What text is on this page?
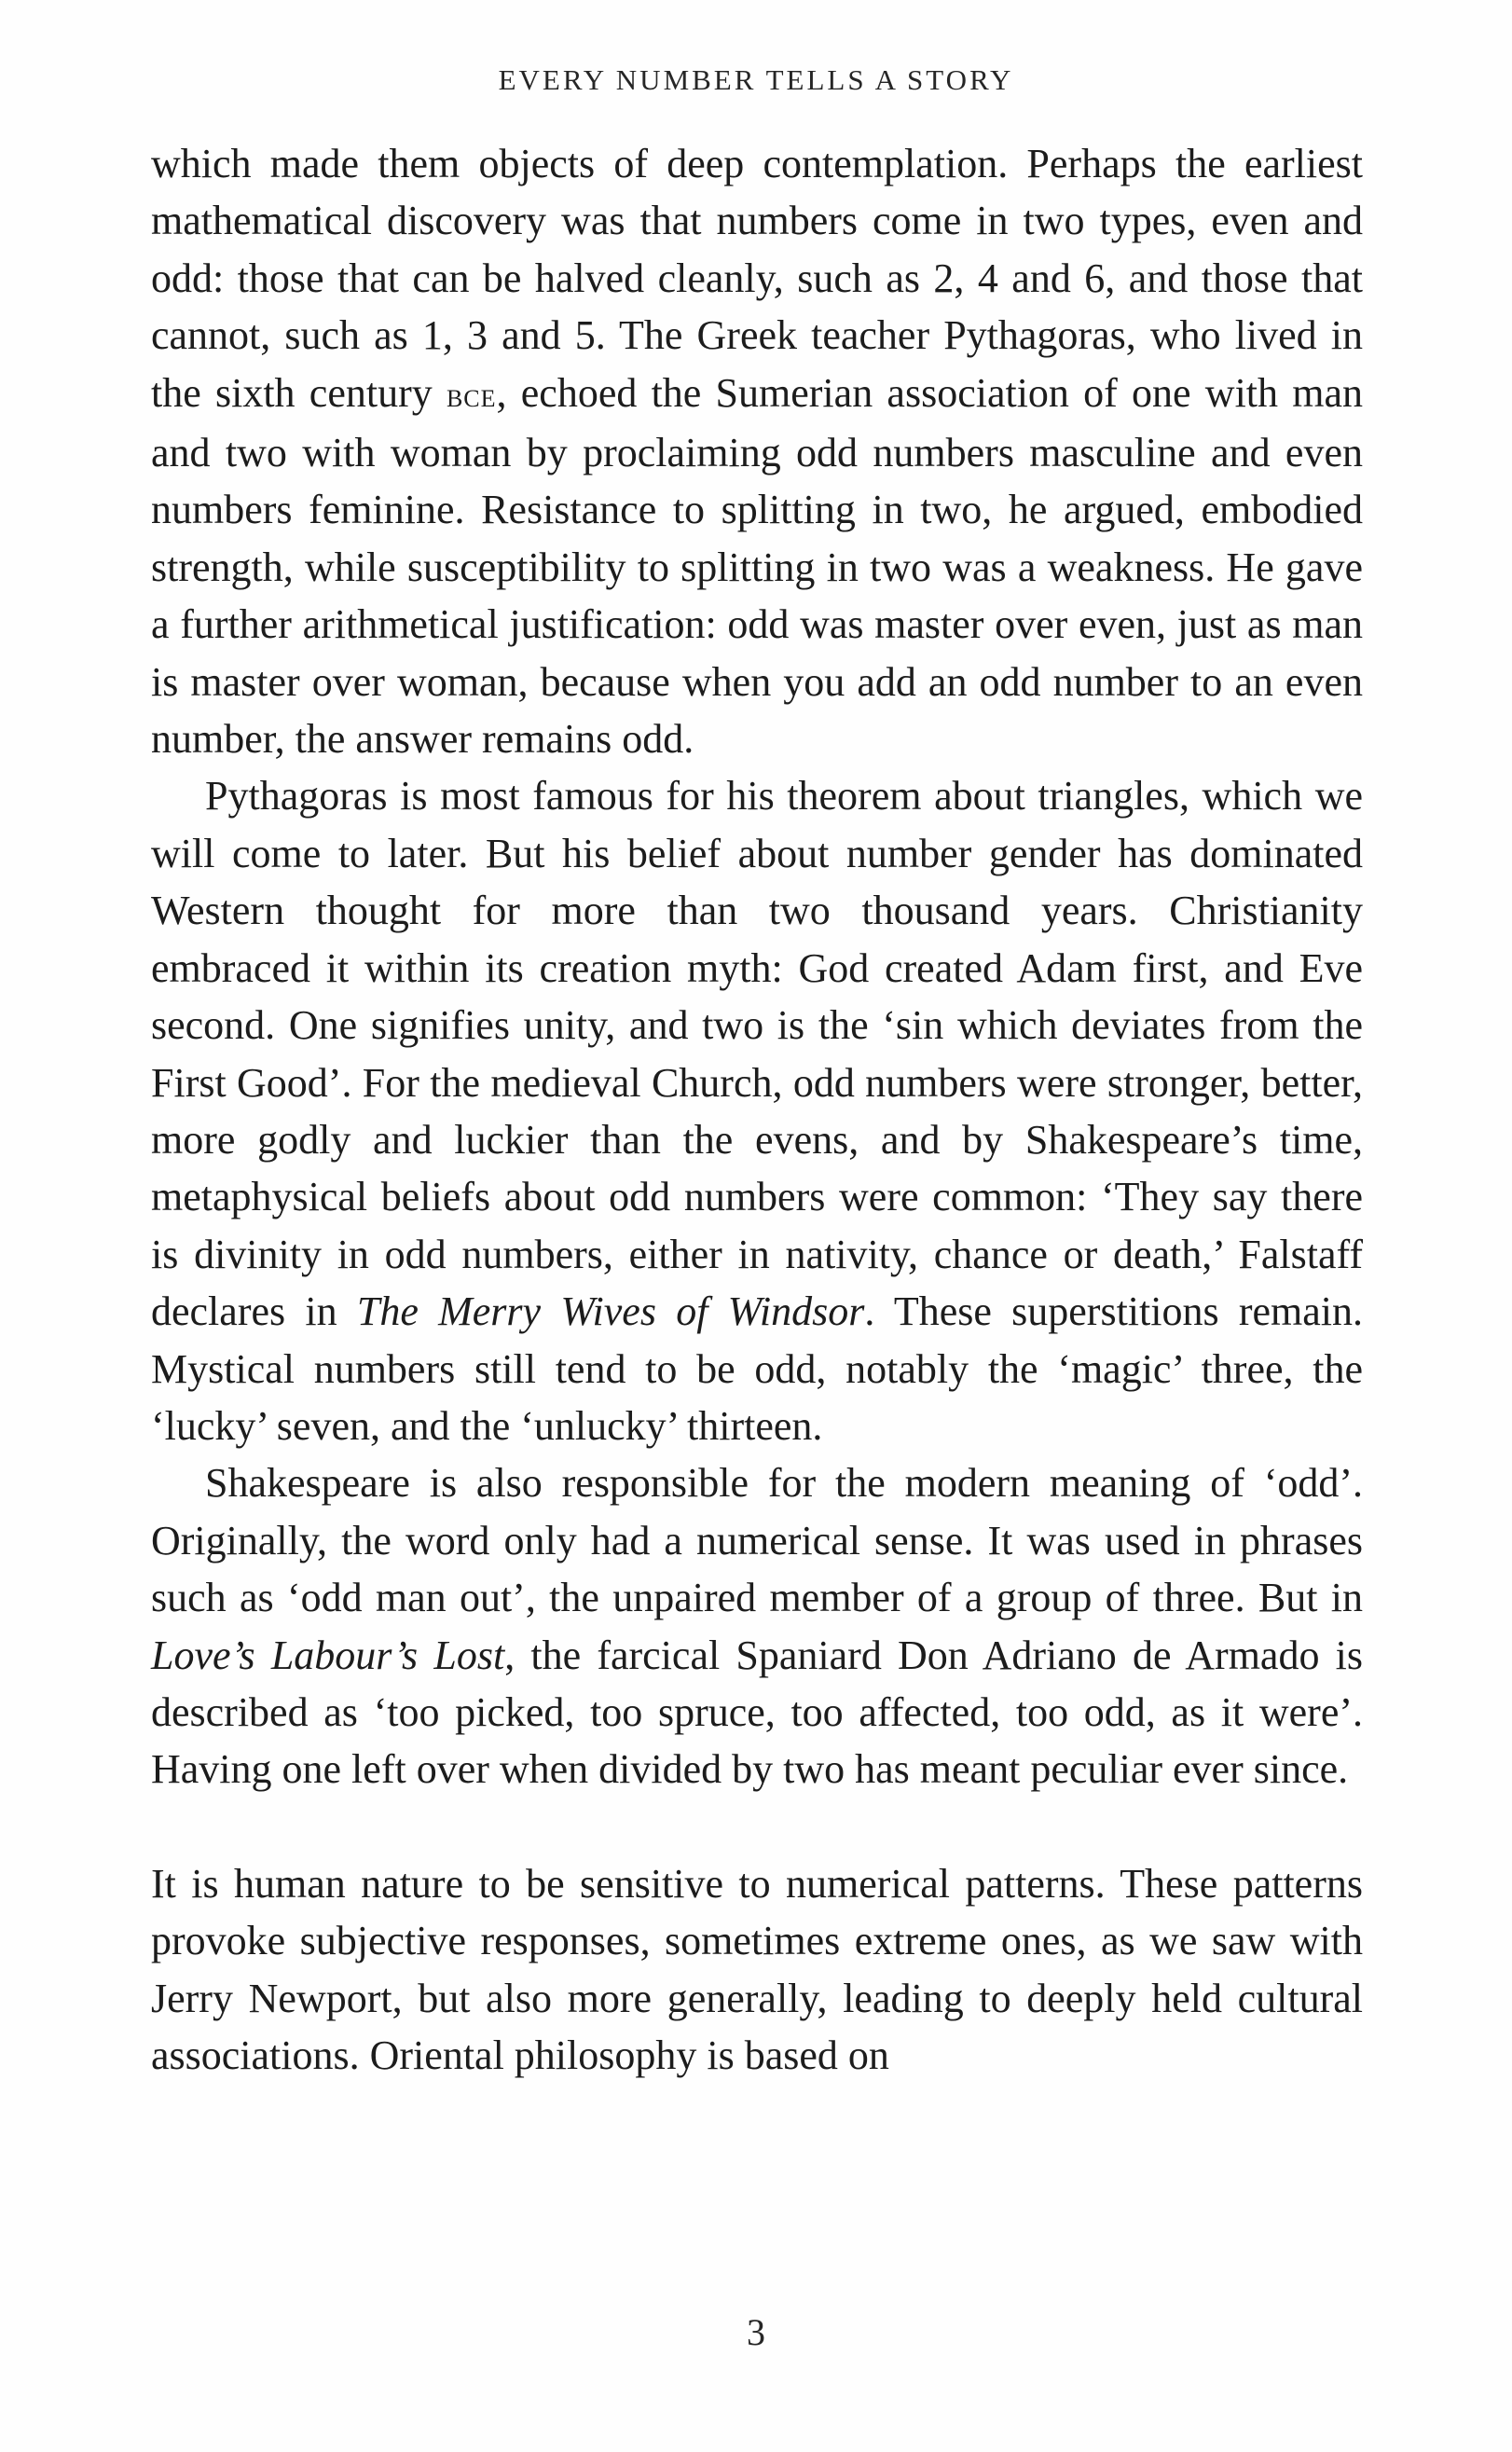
EVERY NUMBER TELLS A STORY

which made them objects of deep contemplation. Perhaps the earliest mathematical discovery was that numbers come in two types, even and odd: those that can be halved cleanly, such as 2, 4 and 6, and those that cannot, such as 1, 3 and 5. The Greek teacher Pythagoras, who lived in the sixth century bce, echoed the Sumerian association of one with man and two with woman by proclaiming odd numbers masculine and even numbers feminine. Resistance to splitting in two, he argued, embodied strength, while susceptibility to splitting in two was a weakness. He gave a further arithmetical justification: odd was master over even, just as man is master over woman, because when you add an odd number to an even number, the answer remains odd.

Pythagoras is most famous for his theorem about triangles, which we will come to later. But his belief about number gender has dominated Western thought for more than two thousand years. Christianity embraced it within its creation myth: God created Adam first, and Eve second. One signifies unity, and two is the ‘sin which deviates from the First Good’. For the medieval Church, odd numbers were stronger, better, more godly and luckier than the evens, and by Shakespeare’s time, metaphysical beliefs about odd numbers were common: ‘They say there is divinity in odd numbers, either in nativity, chance or death,’ Falstaff declares in The Merry Wives of Windsor. These superstitions remain. Mystical numbers still tend to be odd, notably the ‘magic’ three, the ‘lucky’ seven, and the ‘unlucky’ thirteen.

Shakespeare is also responsible for the modern meaning of ‘odd’. Originally, the word only had a numerical sense. It was used in phrases such as ‘odd man out’, the unpaired member of a group of three. But in Love’s Labour’s Lost, the farcical Spaniard Don Adriano de Armado is described as ‘too picked, too spruce, too affected, too odd, as it were’. Having one left over when divided by two has meant peculiar ever since.

It is human nature to be sensitive to numerical patterns. These patterns provoke subjective responses, sometimes extreme ones, as we saw with Jerry Newport, but also more generally, leading to deeply held cultural associations. Oriental philosophy is based on

3
